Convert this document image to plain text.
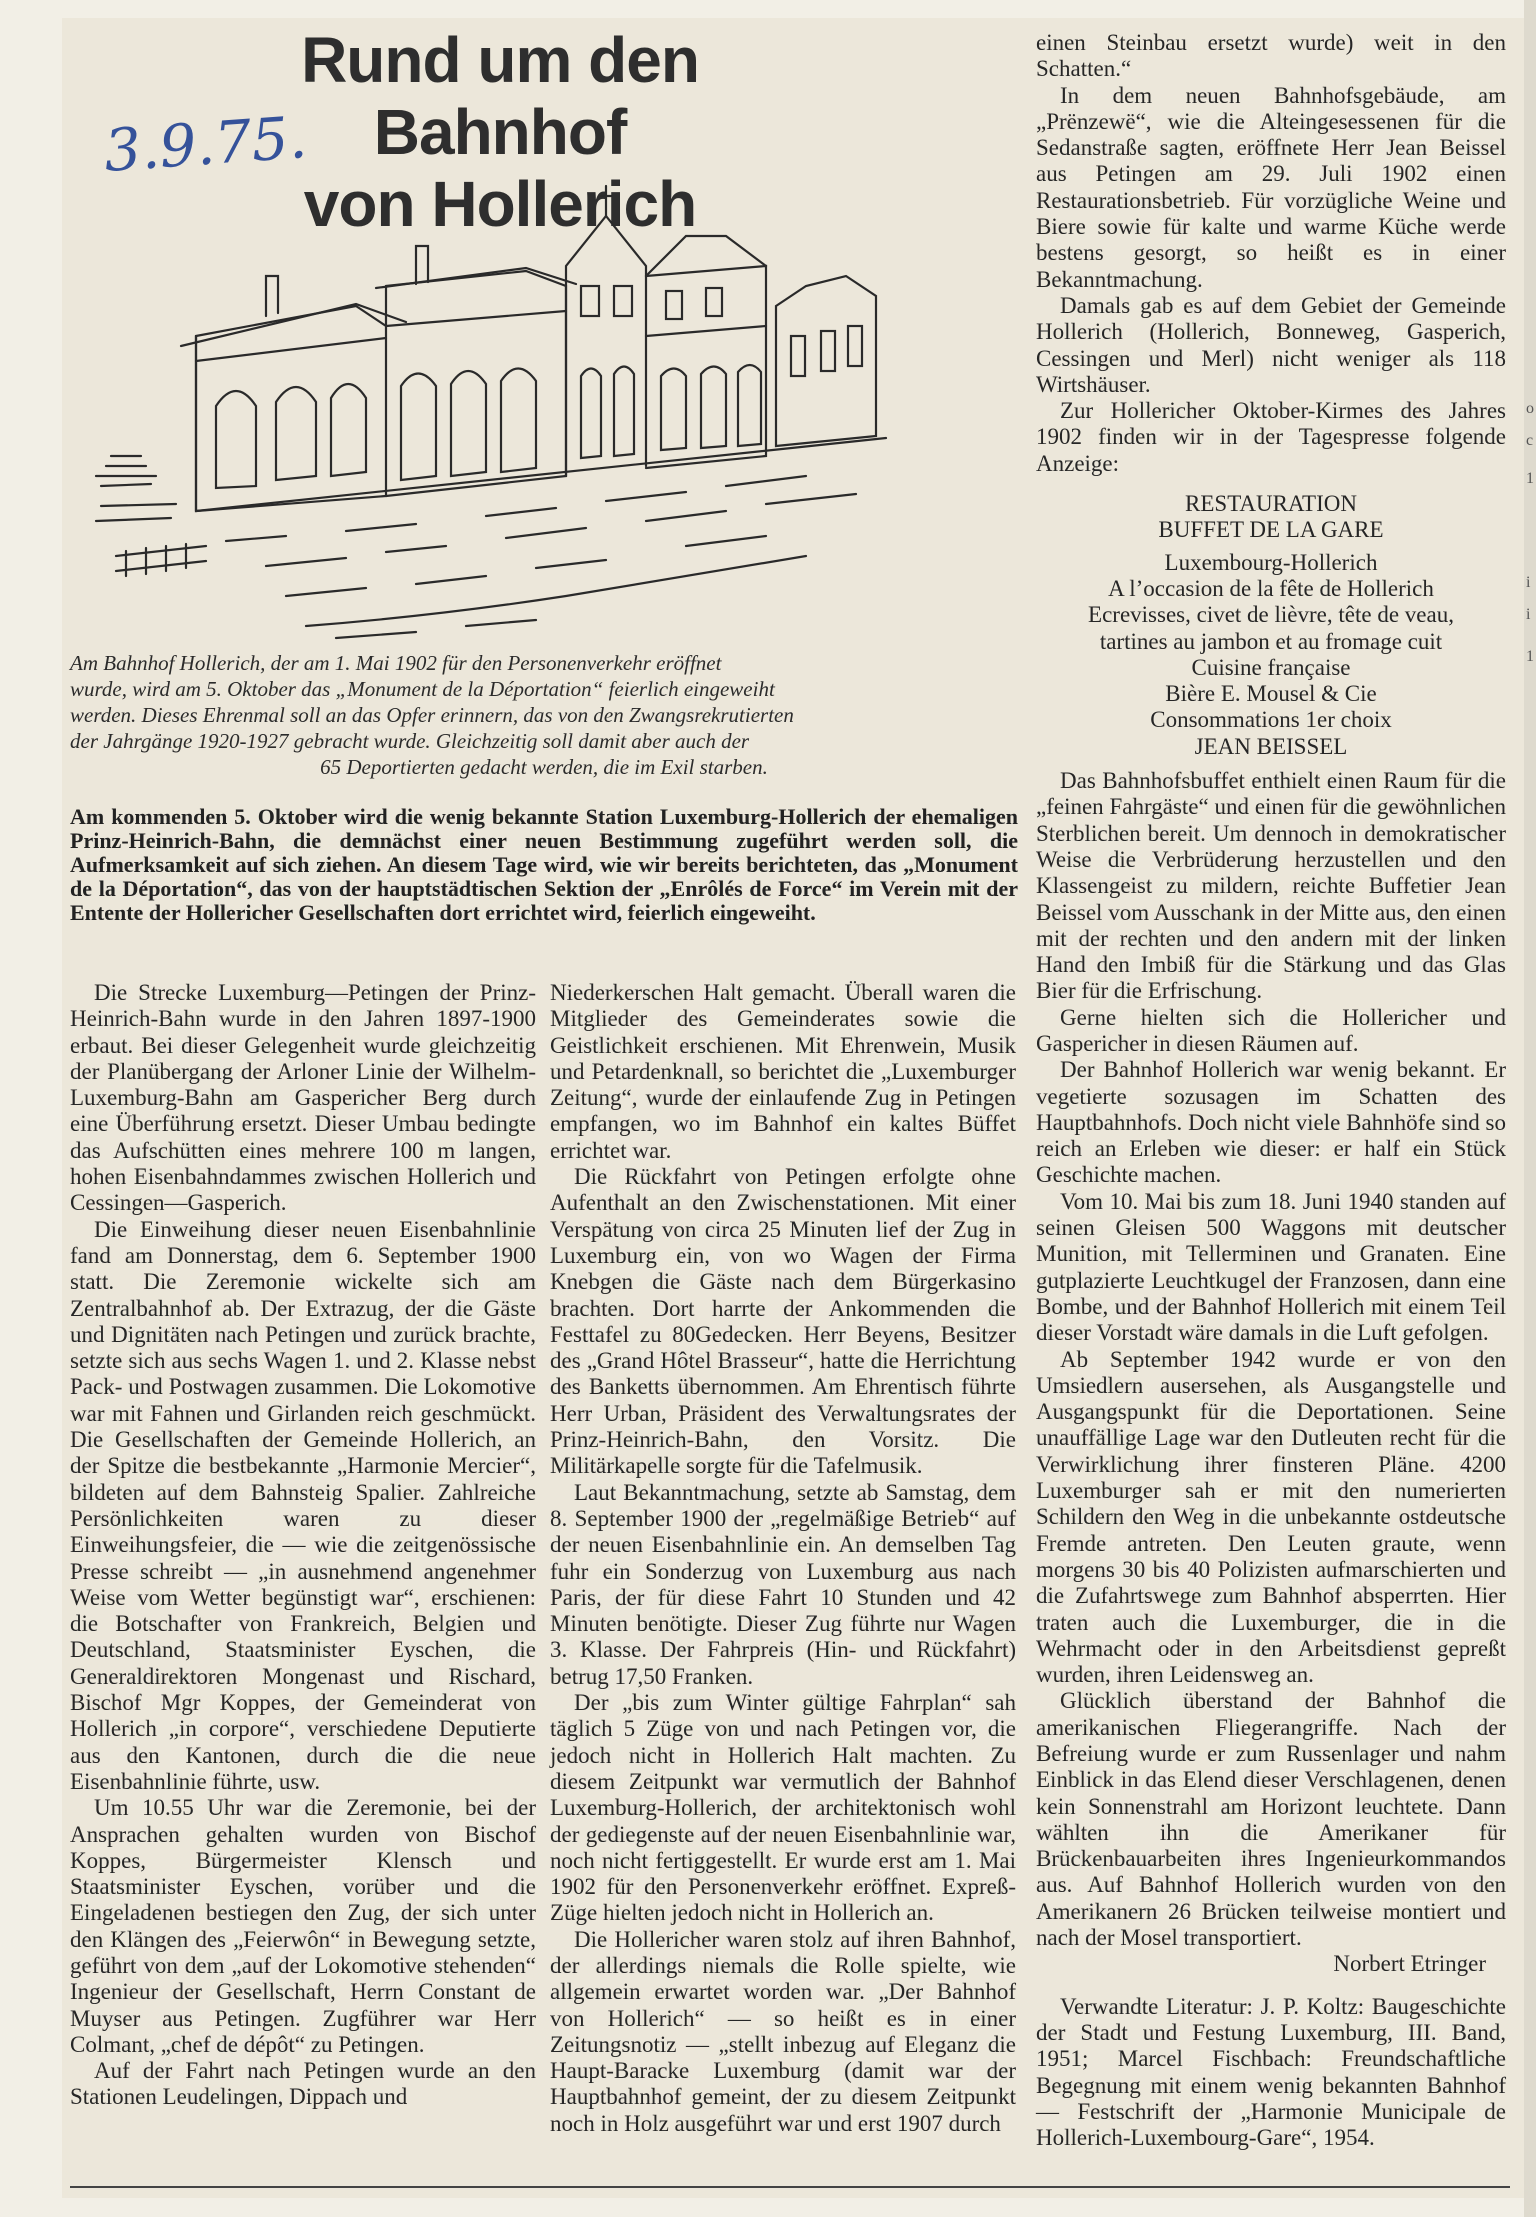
o
c
1
i
i
1
Rund um den Bahnhof
von Hollerich
3.9.75.
Am Bahnhof Hollerich, der am 1. Mai 1902 für den Personenverkehr eröffnet
wurde, wird am 5. Oktober das „Monument de la Déportation“ feierlich eingeweiht
werden. Dieses Ehrenmal soll an das Opfer erinnern, das von den Zwangsrekrutierten
der Jahrgänge 1920-1927 gebracht wurde. Gleichzeitig soll damit aber auch der
65 Deportierten gedacht werden, die im Exil starben.
Am kommenden 5. Oktober wird die wenig bekannte Station Luxemburg-Hollerich der ehemaligen Prinz-Heinrich-Bahn, die demnächst einer neuen Bestimmung zugeführt werden soll, die Aufmerksamkeit auf sich ziehen. An diesem Tage wird, wie wir bereits berichteten, das „Monument de la Déportation“, das von der hauptstädtischen Sektion der „Enrôlés de Force“ im Verein mit der Entente der Hollericher Gesellschaften dort errichtet wird, feierlich eingeweiht.

Die Strecke Luxemburg—Petingen der Prinz-Heinrich-Bahn wurde in den Jahren 1897-1900 erbaut. Bei dieser Gelegenheit wurde gleichzeitig der Planübergang der Arloner Linie der Wilhelm-Luxemburg-Bahn am Gaspericher Berg durch eine Überführung ersetzt. Dieser Umbau bedingte das Aufschütten eines mehrere 100 m langen, hohen Eisenbahndammes zwischen Hollerich und Cessingen—Gasperich.

Die Einweihung dieser neuen Eisenbahnlinie fand am Donnerstag, dem 6. September 1900 statt. Die Zeremonie wickelte sich am Zentralbahnhof ab. Der Extrazug, der die Gäste und Dignitäten nach Petingen und zurück brachte, setzte sich aus sechs Wagen 1. und 2. Klasse nebst Pack- und Postwagen zusammen. Die Lokomotive war mit Fahnen und Girlanden reich geschmückt. Die Gesellschaften der Gemeinde Hollerich, an der Spitze die bestbekannte „Harmonie Mercier“, bildeten auf dem Bahnsteig Spalier. Zahlreiche Persönlichkeiten waren zu dieser Einweihungsfeier, die — wie die zeitgenössische Presse schreibt — „in ausnehmend angenehmer Weise vom Wetter begünstigt war“, erschienen: die Botschafter von Frankreich, Belgien und Deutschland, Staatsminister Eyschen, die Generaldirektoren Mongenast und Rischard, Bischof Mgr Koppes, der Gemeinderat von Hollerich „in corpore“, verschiedene Deputierte aus den Kantonen, durch die die neue Eisenbahnlinie führte, usw.

Um 10.55 Uhr war die Zeremonie, bei der Ansprachen gehalten wurden von Bischof Koppes, Bürgermeister Klensch und Staatsminister Eyschen, vorüber und die Eingeladenen bestiegen den Zug, der sich unter den Klängen des „Feierwôn“ in Bewegung setzte, geführt von dem „auf der Lokomotive stehenden“ Ingenieur der Gesellschaft, Herrn Constant de Muyser aus Petingen. Zugführer war Herr Colmant, „chef de dépôt“ zu Petingen.

Auf der Fahrt nach Petingen wurde an den Stationen Leudelingen, Dippach und

Niederkerschen Halt gemacht. Überall waren die Mitglieder des Gemeinderates sowie die Geistlichkeit erschienen. Mit Ehrenwein, Musik und Petardenknall, so berichtet die „Luxemburger Zeitung“, wurde der einlaufende Zug in Petingen empfangen, wo im Bahnhof ein kaltes Büffet errichtet war.

Die Rückfahrt von Petingen erfolgte ohne Aufenthalt an den Zwischenstationen. Mit einer Verspätung von circa 25 Minuten lief der Zug in Luxemburg ein, von wo Wagen der Firma Knebgen die Gäste nach dem Bürgerkasino brachten. Dort harrte der Ankommenden die Festtafel zu 80Gedecken. Herr Beyens, Besitzer des „Grand Hôtel Brasseur“, hatte die Herrichtung des Banketts übernommen. Am Ehrentisch führte Herr Urban, Präsident des Verwaltungsrates der Prinz-Heinrich-Bahn, den Vorsitz. Die Militärkapelle sorgte für die Tafelmusik.

Laut Bekanntmachung, setzte ab Samstag, dem 8. September 1900 der „regelmäßige Betrieb“ auf der neuen Eisenbahnlinie ein. An demselben Tag fuhr ein Sonderzug von Luxemburg aus nach Paris, der für diese Fahrt 10 Stunden und 42 Minuten benötigte. Dieser Zug führte nur Wagen 3. Klasse. Der Fahrpreis (Hin- und Rückfahrt) betrug 17,50 Franken.

Der „bis zum Winter gültige Fahrplan“ sah täglich 5 Züge von und nach Petingen vor, die jedoch nicht in Hollerich Halt machten. Zu diesem Zeitpunkt war vermutlich der Bahnhof Luxemburg-Hollerich, der architektonisch wohl der gediegenste auf der neuen Eisenbahnlinie war, noch nicht fertiggestellt. Er wurde erst am 1. Mai 1902 für den Personenverkehr eröffnet. Expreß-Züge hielten jedoch nicht in Hollerich an.

Die Hollericher waren stolz auf ihren Bahnhof, der allerdings niemals die Rolle spielte, wie allgemein erwartet worden war. „Der Bahnhof von Hollerich“ — so heißt es in einer Zeitungsnotiz — „stellt inbezug auf Eleganz die Haupt-Baracke Luxemburg (damit war der Hauptbahnhof gemeint, der zu diesem Zeitpunkt noch in Holz ausgeführt war und erst 1907 durch

einen Steinbau ersetzt wurde) weit in den Schatten.“

In dem neuen Bahnhofsgebäude, am „Prënzewë“, wie die Alteingesessenen für die Sedanstraße sagten, eröffnete Herr Jean Beissel aus Petingen am 29. Juli 1902 einen Restaurationsbetrieb. Für vorzügliche Weine und Biere sowie für kalte und warme Küche werde bestens gesorgt, so heißt es in einer Bekanntmachung.

Damals gab es auf dem Gebiet der Gemeinde Hollerich (Hollerich, Bonneweg, Gasperich, Cessingen und Merl) nicht weniger als 118 Wirtshäuser.

Zur Hollericher Oktober-Kirmes des Jahres 1902 finden wir in der Tagespresse folgende Anzeige:

RESTAURATION

BUFFET DE LA GARE

Luxembourg-Hollerich

A l’occasion de la fête de Hollerich

Ecrevisses, civet de lièvre, tête de veau,

tartines au jambon et au fromage cuit

Cuisine française

Bière E. Mousel & Cie

Consommations 1er choix

JEAN BEISSEL

Das Bahnhofsbuffet enthielt einen Raum für die „feinen Fahrgäste“ und einen für die gewöhnlichen Sterblichen bereit. Um dennoch in demokratischer Weise die Verbrüderung herzustellen und den Klassengeist zu mildern, reichte Buffetier Jean Beissel vom Ausschank in der Mitte aus, den einen mit der rechten und den andern mit der linken Hand den Imbiß für die Stärkung und das Glas Bier für die Erfrischung.

Gerne hielten sich die Hollericher und Gaspericher in diesen Räumen auf.

Der Bahnhof Hollerich war wenig bekannt. Er vegetierte sozusagen im Schatten des Hauptbahnhofs. Doch nicht viele Bahnhöfe sind so reich an Erleben wie dieser: er half ein Stück Geschichte machen.

Vom 10. Mai bis zum 18. Juni 1940 standen auf seinen Gleisen 500 Waggons mit deutscher Munition, mit Tellerminen und Granaten. Eine gutplazierte Leuchtkugel der Franzosen, dann eine Bombe, und der Bahnhof Hollerich mit einem Teil dieser Vorstadt wäre damals in die Luft gefolgen.

Ab September 1942 wurde er von den Umsiedlern ausersehen, als Ausgangstelle und Ausgangspunkt für die Deportationen. Seine unauffällige Lage war den Dutleuten recht für die Verwirklichung ihrer finsteren Pläne. 4200 Luxemburger sah er mit den numerierten Schildern den Weg in die unbekannte ostdeutsche Fremde antreten. Den Leuten graute, wenn morgens 30 bis 40 Polizisten aufmarschierten und die Zufahrtswege zum Bahnhof absperrten. Hier traten auch die Luxemburger, die in die Wehrmacht oder in den Arbeitsdienst gepreßt wurden, ihren Leidensweg an.

Glücklich überstand der Bahnhof die amerikanischen Fliegerangriffe. Nach der Befreiung wurde er zum Russenlager und nahm Einblick in das Elend dieser Verschlagenen, denen kein Sonnenstrahl am Horizont leuchtete. Dann wählten ihn die Amerikaner für Brückenbauarbeiten ihres Ingenieurkommandos aus. Auf Bahnhof Hollerich wurden von den Amerikanern 26 Brücken teilweise montiert und nach der Mosel transportiert.

Norbert Etringer

Verwandte Literatur: J. P. Koltz: Baugeschichte der Stadt und Festung Luxemburg, III. Band, 1951; Marcel Fischbach: Freundschaftliche Begegnung mit einem wenig bekannten Bahnhof — Festschrift der „Harmonie Municipale de Hollerich-Luxembourg-Gare“, 1954.
